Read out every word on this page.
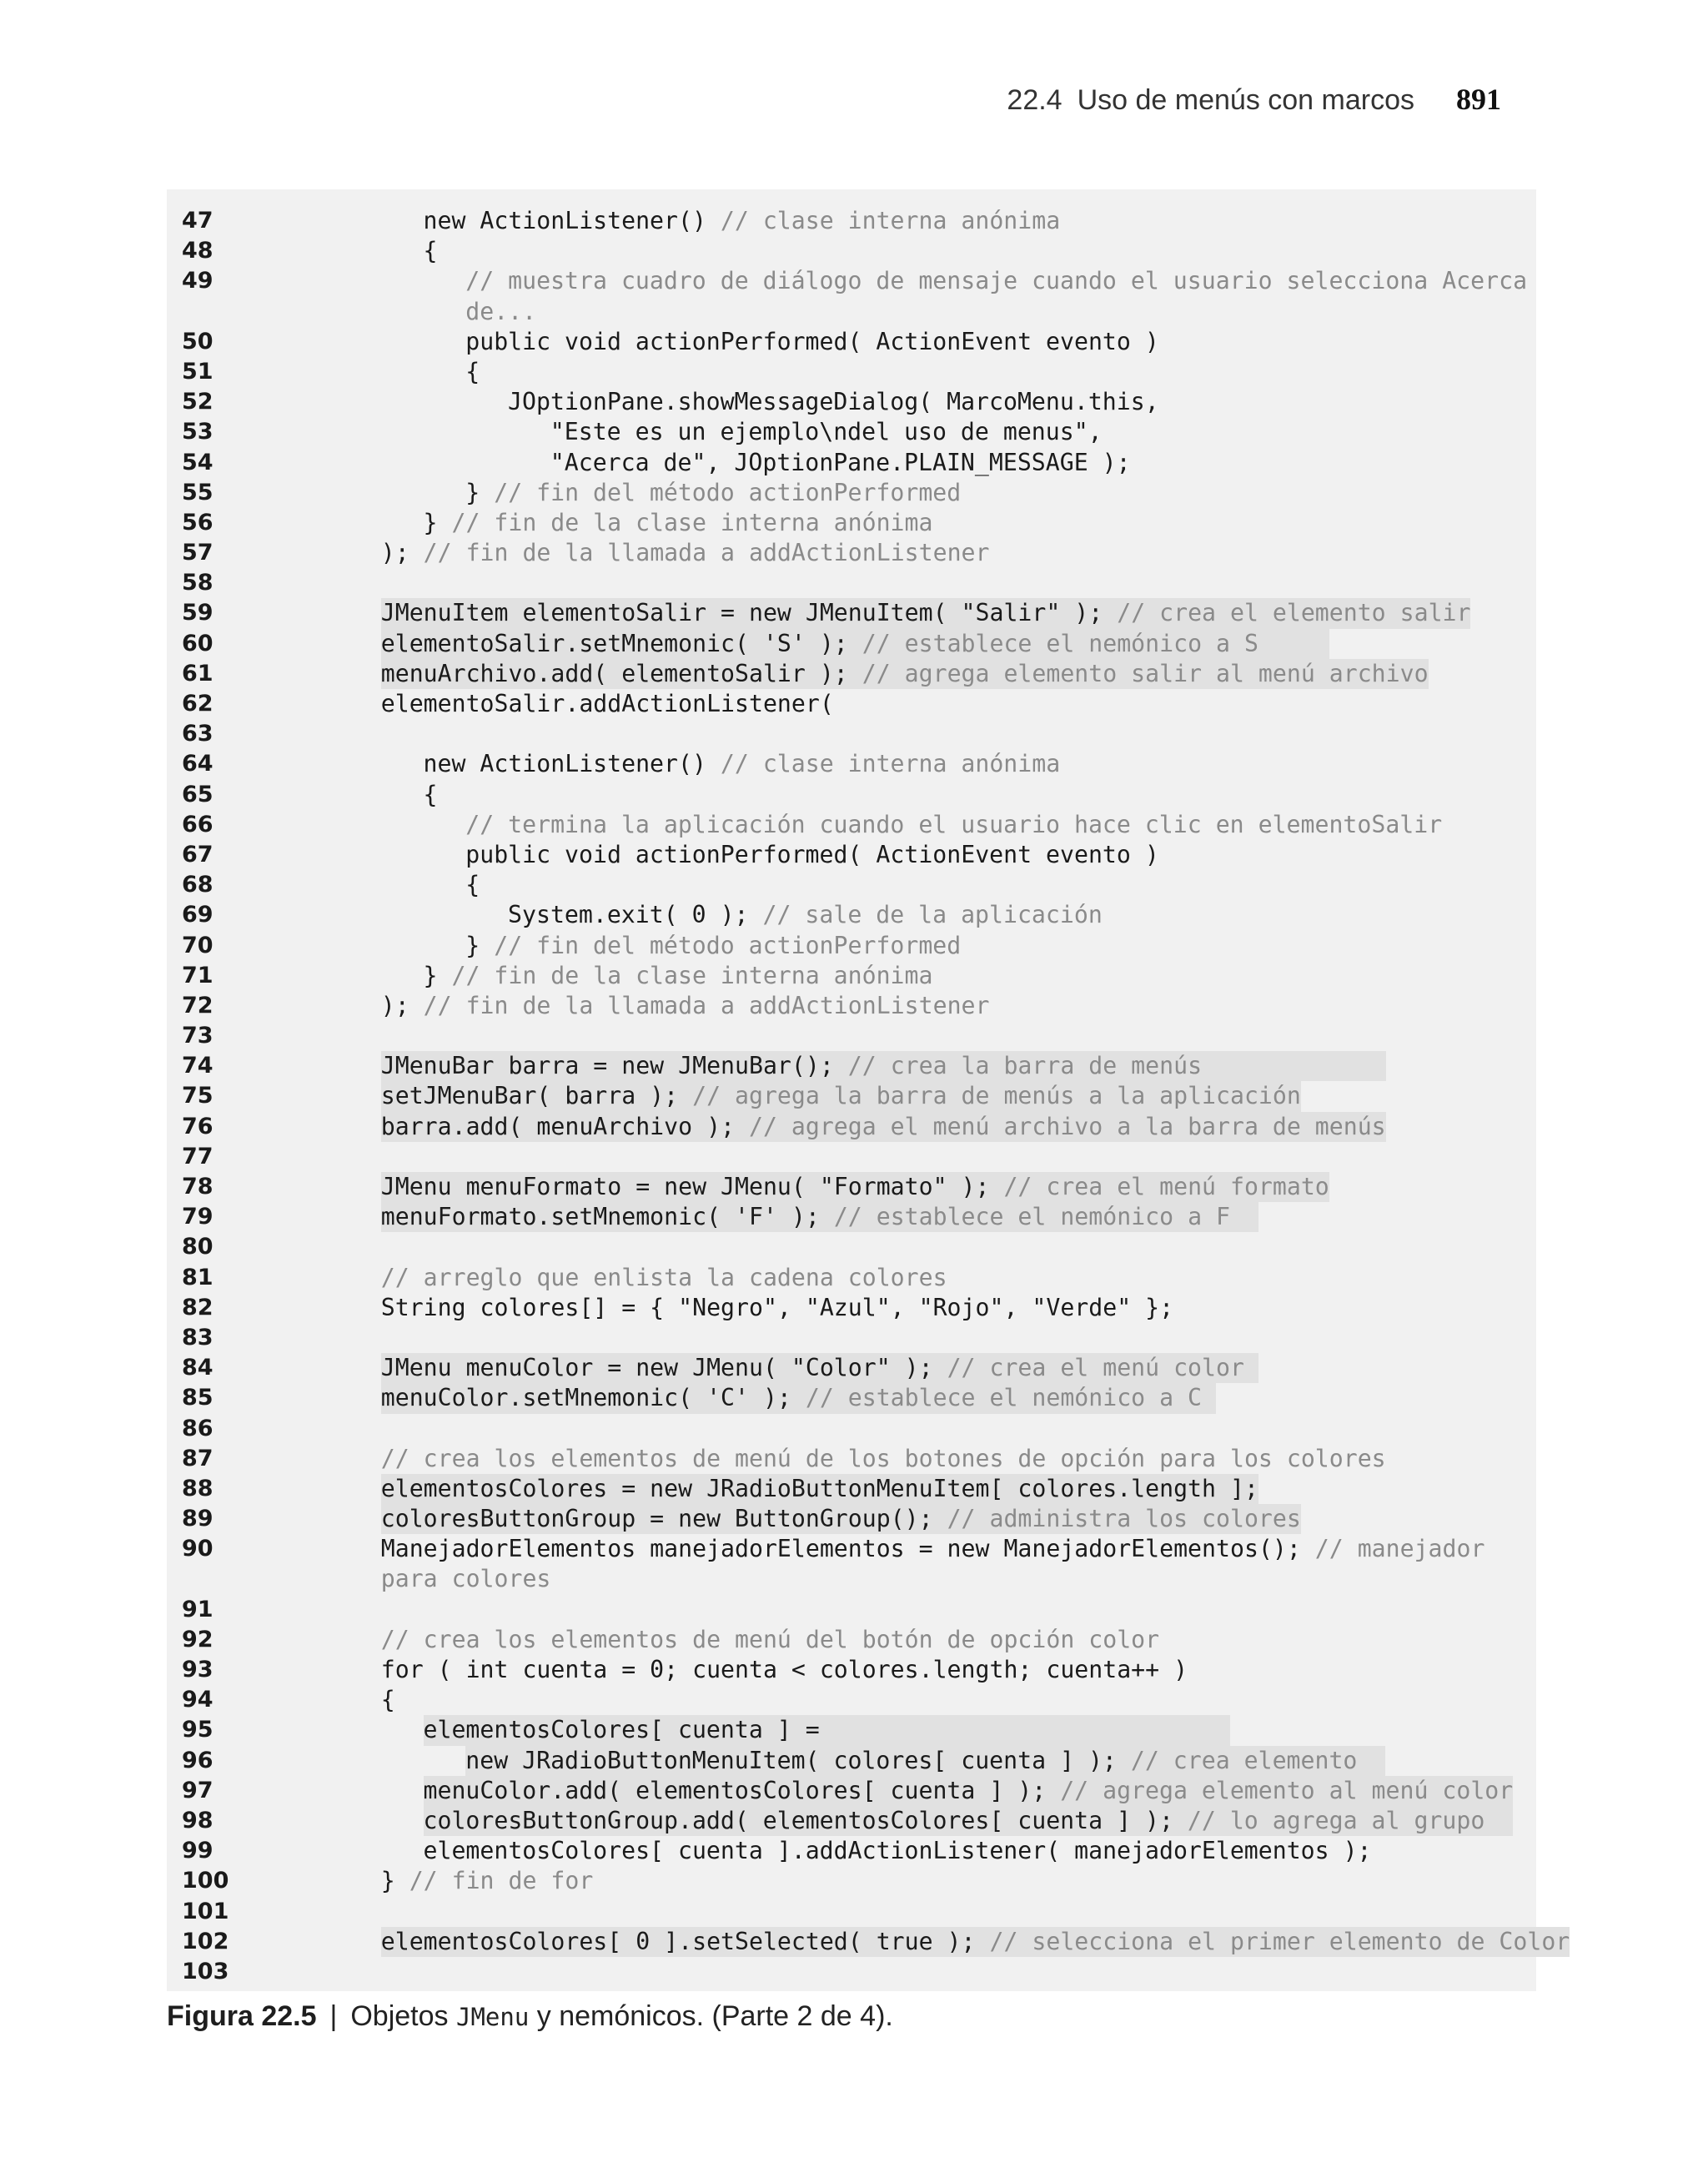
22.4 Uso de menús con marcos 891
47	new ActionListener() // clase interna anónima
48	{
49	// muestra cuadro de diálogo de mensaje cuando el usuario selecciona Acerca
de...
50	public void actionPerformed( ActionEvent evento )
51	{
52	JOptionPane.showMessageDialog( MarcoMenu.this,
53	"Este es un ejemplo\ndel uso de menus",
54	"Acerca de", JOptionPane.PLAIN_MESSAGE );
55	} // fin del método actionPerformed
56	} // fin de la clase interna anónima
57	); // fin de la llamada a addActionListener
58
59	JMenuItem elementoSalir = new JMenuItem( "Salir" ); // crea el elemento salir
60	elementoSalir.setMnemonic( 'S' ); // establece el nemónico a S
61	menuArchivo.add( elementoSalir ); // agrega elemento salir al menú archivo
62	elementoSalir.addActionListener(
63
64	new ActionListener() // clase interna anónima
65	{
66	// termina la aplicación cuando el usuario hace clic en elementoSalir
67	public void actionPerformed( ActionEvent evento )
68	{
69	System.exit( 0 ); // sale de la aplicación
70	} // fin del método actionPerformed
71	} // fin de la clase interna anónima
72	); // fin de la llamada a addActionListener
73
74	JMenuBar barra = new JMenuBar(); // crea la barra de menús
75	setJMenuBar( barra ); // agrega la barra de menús a la aplicación
76	barra.add( menuArchivo ); // agrega el menú archivo a la barra de menús
77
78	JMenu menuFormato = new JMenu( "Formato" ); // crea el menú formato
79	menuFormato.setMnemonic( 'F' ); // establece el nemónico a F
80
81	// arreglo que enlista la cadena colores
82	String colores[] = { "Negro", "Azul", "Rojo", "Verde" };
83
84	JMenu menuColor = new JMenu( "Color" ); // crea el menú color
85	menuColor.setMnemonic( 'C' ); // establece el nemónico a C
86
87	// crea los elementos de menú de los botones de opción para los colores
88	elementosColores = new JRadioButtonMenuItem[ colores.length ];
89	coloresButtonGroup = new ButtonGroup(); // administra los colores
90	ManejadorElementos manejadorElementos = new ManejadorElementos(); // manejador
para colores
91
92	// crea los elementos de menú del botón de opción color
93	for ( int cuenta = 0; cuenta < colores.length; cuenta++ )
94	{
95	elementosColores[ cuenta ] =
96	new JRadioButtonMenuItem( colores[ cuenta ] ); // crea elemento
97	menuColor.add( elementosColores[ cuenta ] ); // agrega elemento al menú color
98	coloresButtonGroup.add( elementosColores[ cuenta ] ); // lo agrega al grupo
99	elementosColores[ cuenta ].addActionListener( manejadorElementos );
100	} // fin de for
101
102	elementosColores[ 0 ].setSelected( true ); // selecciona el primer elemento de Color
103
Figura 22.5 | Objetos JMenu y nemónicos. (Parte 2 de 4).
